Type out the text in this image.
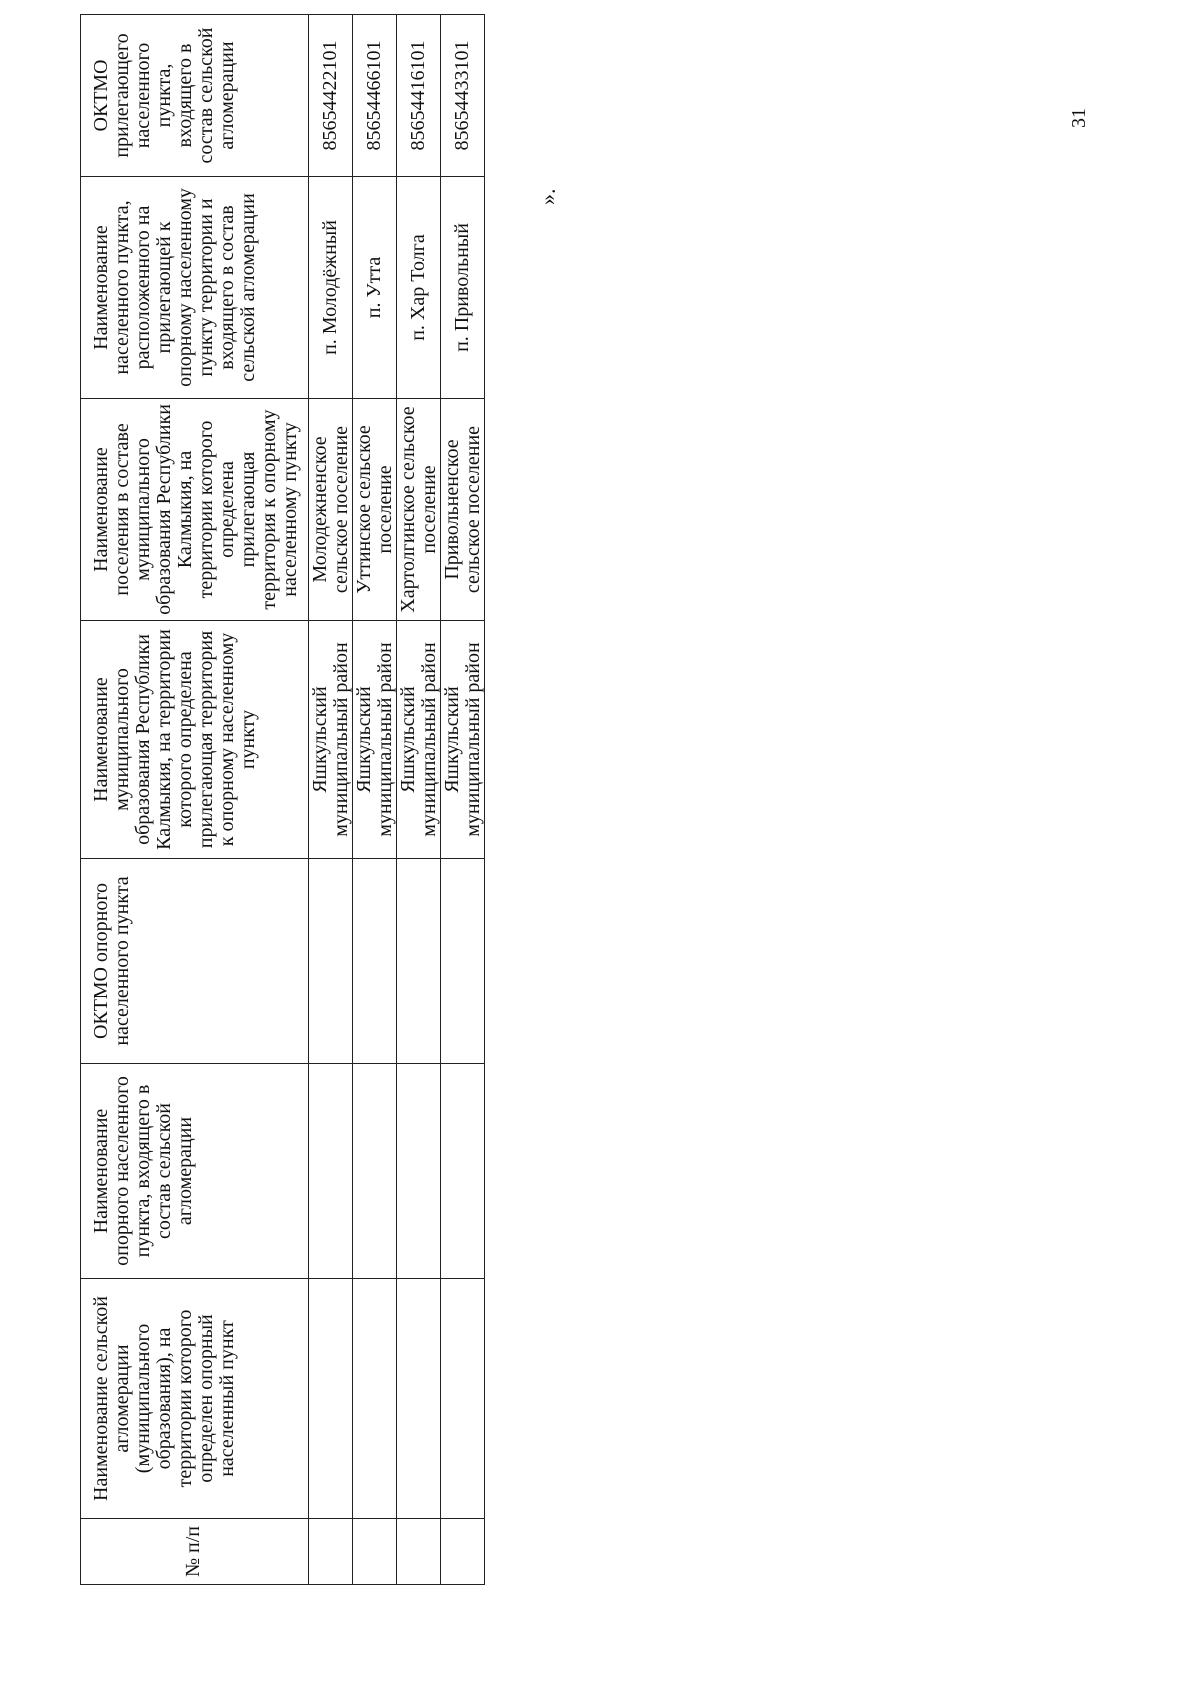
№ п/п	Наименование сельской агломерации (муниципального образования), на территории которого определен опорный населенный пункт	Наименование опорного населенного пункта, входящего в состав сельской агломерации	ОКТМО опорного населенного пункта	Наименование муниципального образования Республики Калмыкия, на территории которого определена прилегающая территория к опорному населенному пункту	Наименование поселения в составе муниципального образования Республики Калмыкия, на территории которого определена прилегающая территория к опорному населенному пункту	Наименование населенного пункта, расположенного на прилегающей к опорному населенному пункту территории и входящего в состав сельской агломерации	ОКТМО прилегающего населенного пункта, входящего в состав сельской агломерации
				Яшкульский муниципальный район	Молодежненское сельское поселение	п. Молодёжный	85654422101
				Яшкульский муниципальный район	Уттинское сельское поселение	п. Утта	85654466101
				Яшкульский муниципальный район	Хартолгинское сельское поселение	п. Хар Толга	85654416101
				Яшкульский муниципальный район	Привольненское сельское поселение	п. Привольный	85654433101
».
31
